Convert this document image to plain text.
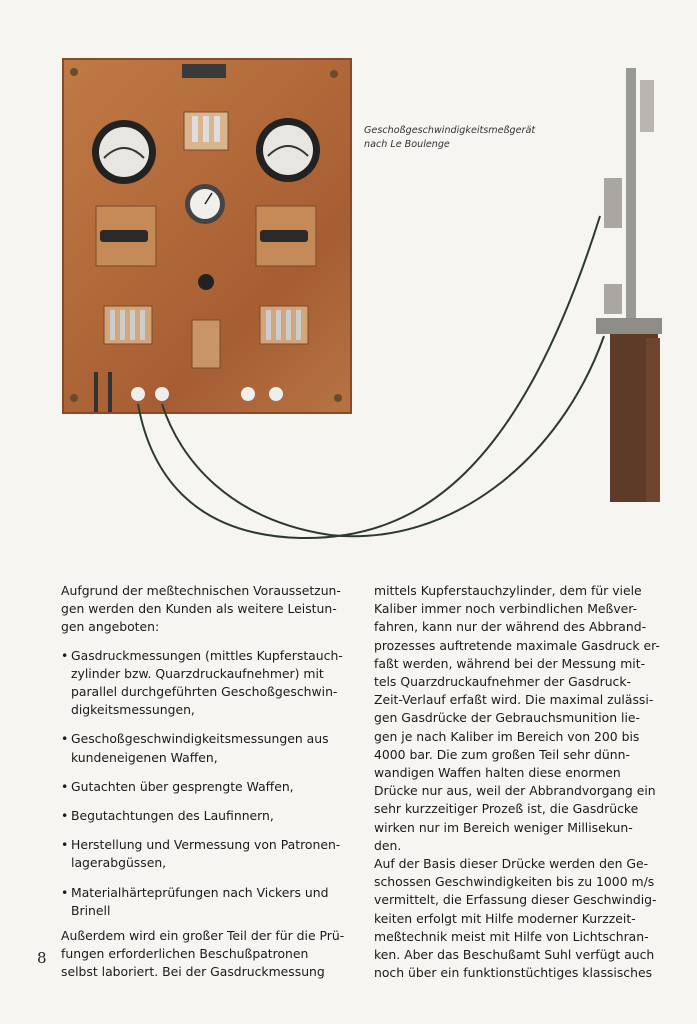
Geschoßgeschwindigkeitsmeßgerät
nach Le Boulenge

Aufgrund der meßtechnischen Voraussetzun-
gen werden den Kunden als weitere Leistun-
gen angeboten:

• Gasdruckmessungen (mittles Kupferstauch-
zylinder bzw. Quarzdruckaufnehmer) mit
parallel durchgeführten Geschoßgeschwin-
digkeitsmessungen,
• Geschoßgeschwindigkeitsmessungen aus
kundeneigenen Waffen,
• Gutachten über gesprengte Waffen,
• Begutachtungen des Laufinnern,
• Herstellung und Vermessung von Patronen-
lagerabgüssen,
• Materialhärteprüfungen nach Vickers und
Brinell

Außerdem wird ein großer Teil der für die Prü-
fungen erforderlichen Beschußpatronen
selbst laboriert. Bei der Gasdruckmessung

mittels Kupferstauchzylinder, dem für viele
Kaliber immer noch verbindlichen Meßver-
fahren, kann nur der während des Abbrand-
prozesses auftretende maximale Gasdruck er-
faßt werden, während bei der Messung mit-
tels Quarzdruckaufnehmer der Gasdruck-
Zeit-Verlauf erfaßt wird. Die maximal zulässi-
gen Gasdrücke der Gebrauchsmunition lie-
gen je nach Kaliber im Bereich von 200 bis
4000 bar. Die zum großen Teil sehr dünn-
wandigen Waffen halten diese enormen
Drücke nur aus, weil der Abbrandvorgang ein
sehr kurzzeitiger Prozeß ist, die Gasdrücke
wirken nur im Bereich weniger Millisekun-
den.
Auf der Basis dieser Drücke werden den Ge-
schossen Geschwindigkeiten bis zu 1000 m/s
vermittelt, die Erfassung dieser Geschwindig-
keiten erfolgt mit Hilfe moderner Kurzzeit-
meßtechnik meist mit Hilfe von Lichtschran-
ken. Aber das Beschußamt Suhl verfügt auch
noch über ein funktionstüchtiges klassisches

8
